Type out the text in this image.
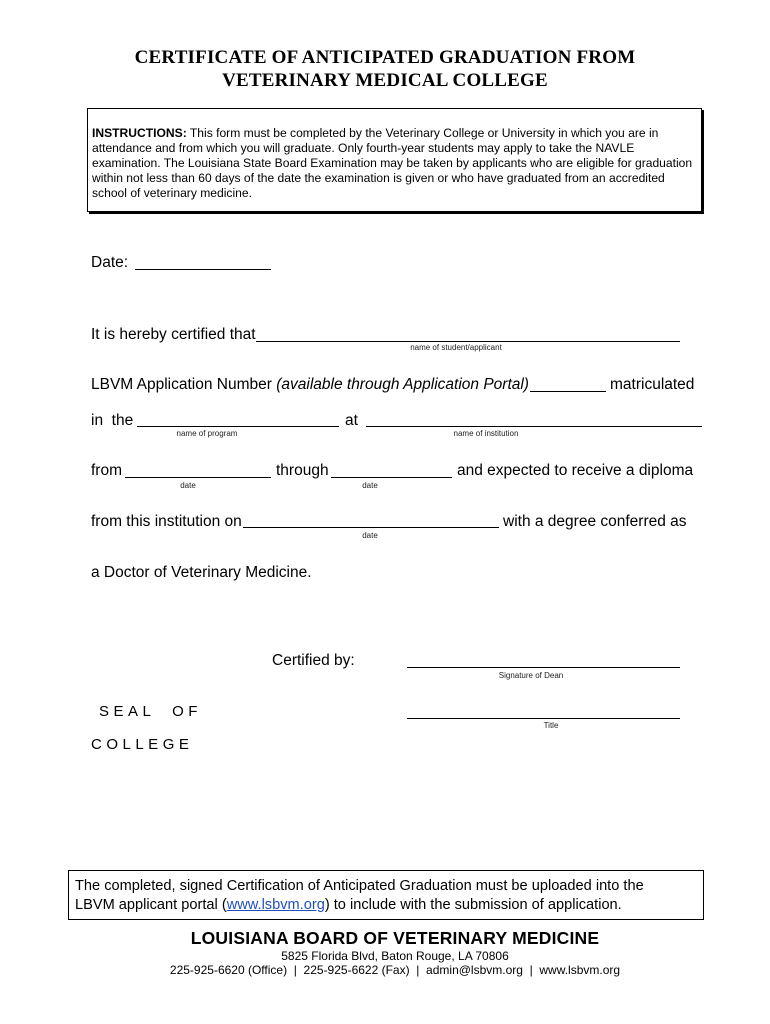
CERTIFICATE OF ANTICIPATED GRADUATION FROM
VETERINARY MEDICAL COLLEGE
INSTRUCTIONS: This form must be completed by the Veterinary College or University in which you are in attendance and from which you will graduate. Only fourth-year students may apply to take the NAVLE examination. The Louisiana State Board Examination may be taken by applicants who are eligible for graduation within not less than 60 days of the date the examination is given or who have graduated from an accredited school of veterinary medicine.
Date:
It is hereby certified that
name of student/applicant
LBVM Application Number (available through Application Portal)	matriculated
in  the
name of program
at
name of institution
from
date
through
date
and expected to receive a diploma
from this institution on
date
with a degree conferred as
a Doctor of Veterinary Medicine.
Certified by:
Signature of Dean
SEAL  OF
Title
COLLEGE
The completed, signed Certification of Anticipated Graduation must be uploaded into the
LBVM applicant portal (www.lsbvm.org) to include with the submission of application.
LOUISIANA BOARD OF VETERINARY MEDICINE
5825 Florida Blvd, Baton Rouge, LA 70806
225-925-6620 (Office)  |  225-925-6622 (Fax)  |  admin@lsbvm.org  |  www.lsbvm.org
